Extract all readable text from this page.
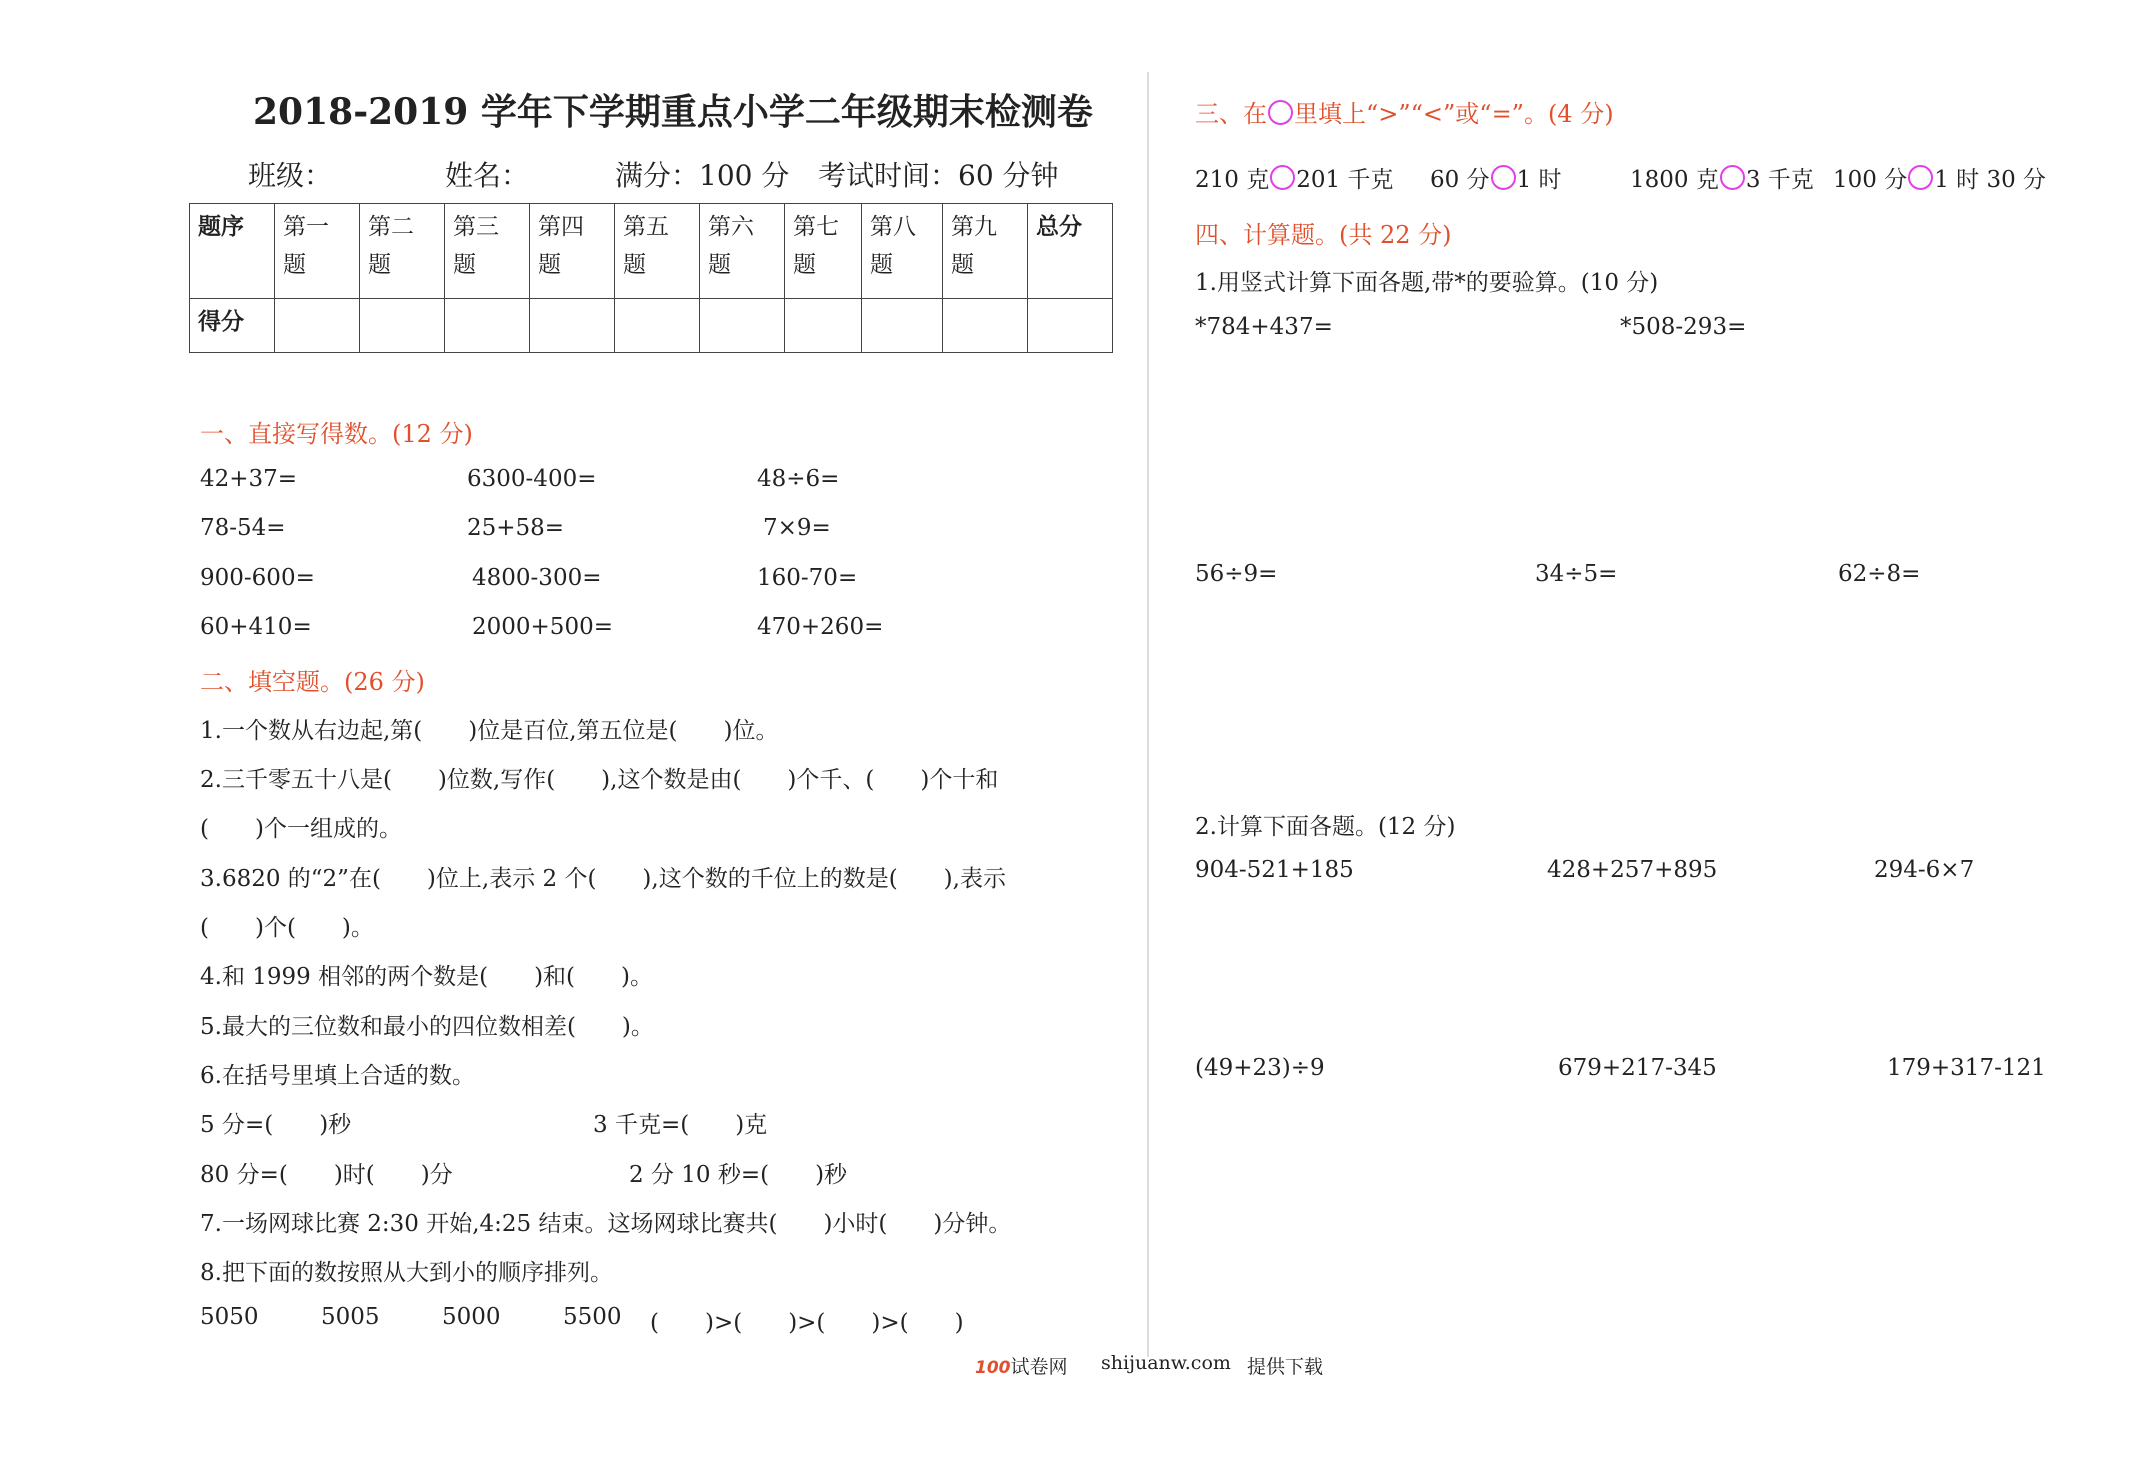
2018-2019 学年下学期重点小学二年级期末检测卷
班级：	姓名：	满分：100 分 考试时间：60 分钟
题序	第一题	第二题	第三题	第四题	第五题	第六题	第七题	第八题	第九题	总分
得分										
一、直接写得数。(12 分)
42+37=	6300-400=	48÷6=
78-54=	25+58=	7×9=
900-600=	4800-300=	160-70=
60+410=	2000+500=	470+260=
二、填空题。(26 分)
1.一个数从右边起,第(　　)位是百位,第五位是(　　)位。
2.三千零五十八是(　　)位数,写作(　　),这个数是由(　　)个千、(　　)个十和
(　　)个一组成的。
3.6820 的“2”在(　　)位上,表示 2 个(　　),这个数的千位上的数是(　　),表示
(　　)个(　　)。
4.和 1999 相邻的两个数是(　　)和(　　)。
5.最大的三位数和最小的四位数相差(　　)。
6.在括号里填上合适的数。
5 分=(　　)秒	3 千克=(　　)克
80 分=(　　)时(　　)分	2 分 10 秒=(　　)秒
7.一场网球比赛 2:30 开始,4:25 结束。这场网球比赛共(　　)小时(　　)分钟。
8.把下面的数按照从大到小的顺序排列。
5050	5005	5000	5500 (　　)>(　　)>(　　)>(　　)
三、在 里填上“>”“<”或“=”。(4 分)
210 克 201 千克 60 分 1 时	1800 克 3 千克 100 分 1 时 30 分
四、计算题。(共 22 分)
1.用竖式计算下面各题,带*的要验算。(10 分)
*784+437=	*508-293=
56÷9=	34÷5=	62÷8=
2.计算下面各题。(12 分)
904-521+185	428+257+895	294-6×7
(49+23)÷9	679+217-345	179+317-121
100试卷网 shijuanw.com 提供下载
